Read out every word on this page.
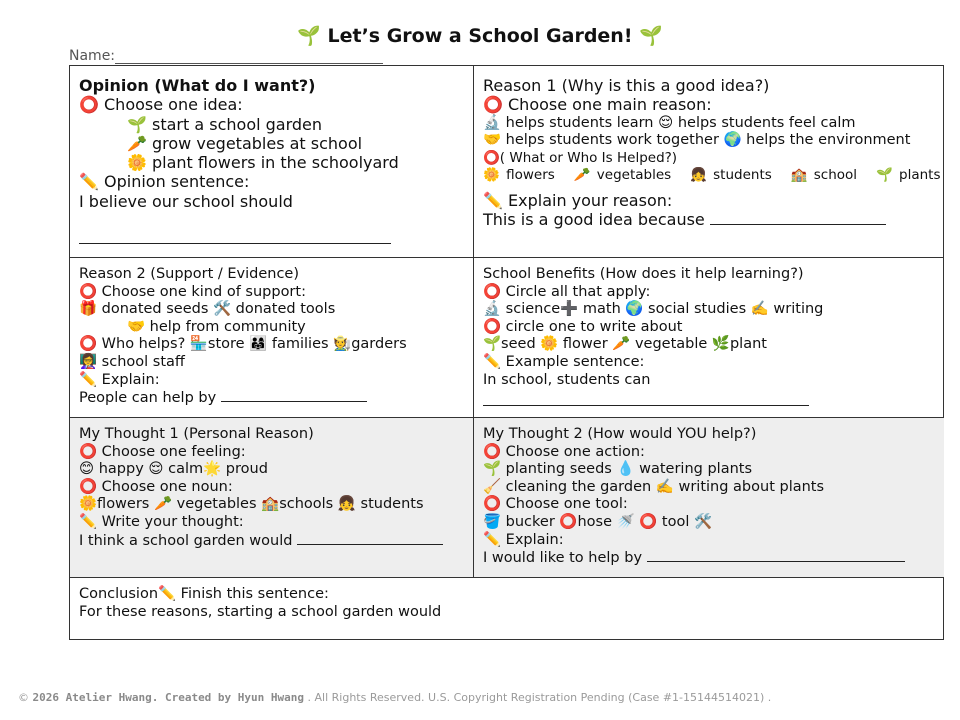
🌱 Let’s Grow a School Garden! 🌱
Name:
Opinion (What do I want?)
⭕ Choose one idea:
🌱 start a school garden
🥕 grow vegetables at school
🌼 plant flowers in the schoolyard
✏️ Opinion sentence:
I believe our school should
Reason 1 (Why is this a good idea?)
⭕ Choose one main reason:
🔬 helps students learn 😌 helps students feel calm
🤝 helps students work together 🌍 helps the environment
⭕( What or Who Is Helped?)
🌼 flowers 🥕 vegetables 👧 students 🏫 school 🌱 plants
✏️ Explain your reason:
This is a good idea because
Reason 2 (Support / Evidence)
⭕ Choose one kind of support:
🎁 donated seeds 🛠️ donated tools
🤝 help from community
⭕ Who helps? 🏪store 👨‍👩‍👧 families 🧑‍🌾garders
👩‍🏫 school staff
✏️ Explain:
People can help by
School Benefits (How does it help learning?)
⭕ Circle all that apply:
🔬 science➕ math 🌍 social studies ✍️ writing
⭕ circle one to write about
🌱seed 🌼 flower 🥕 vegetable 🌿plant
✏️ Example sentence:
In school, students can
My Thought 1 (Personal Reason)
⭕ Choose one feeling:
😊 happy 😌 calm🌟 proud
⭕ Choose one noun:
🌼flowers 🥕 vegetables 🏫schools 👧 students
✏️ Write your thought:
I think a school garden would
My Thought 2 (How would YOU help?)
⭕ Choose one action:
🌱 planting seeds 💧 watering plants
🧹 cleaning the garden ✍️ writing about plants
⭕ Choose one tool:
🪣 bucker ⭕hose 🚿 ⭕ tool 🛠️
✏️ Explain:
I would like to help by
Conclusion✏️ Finish this sentence:
For these reasons, starting a school garden would
© 2026 Atelier Hwang. Created by Hyun Hwang . All Rights Reserved. U.S. Copyright Registration Pending (Case #1-15144514021) .
